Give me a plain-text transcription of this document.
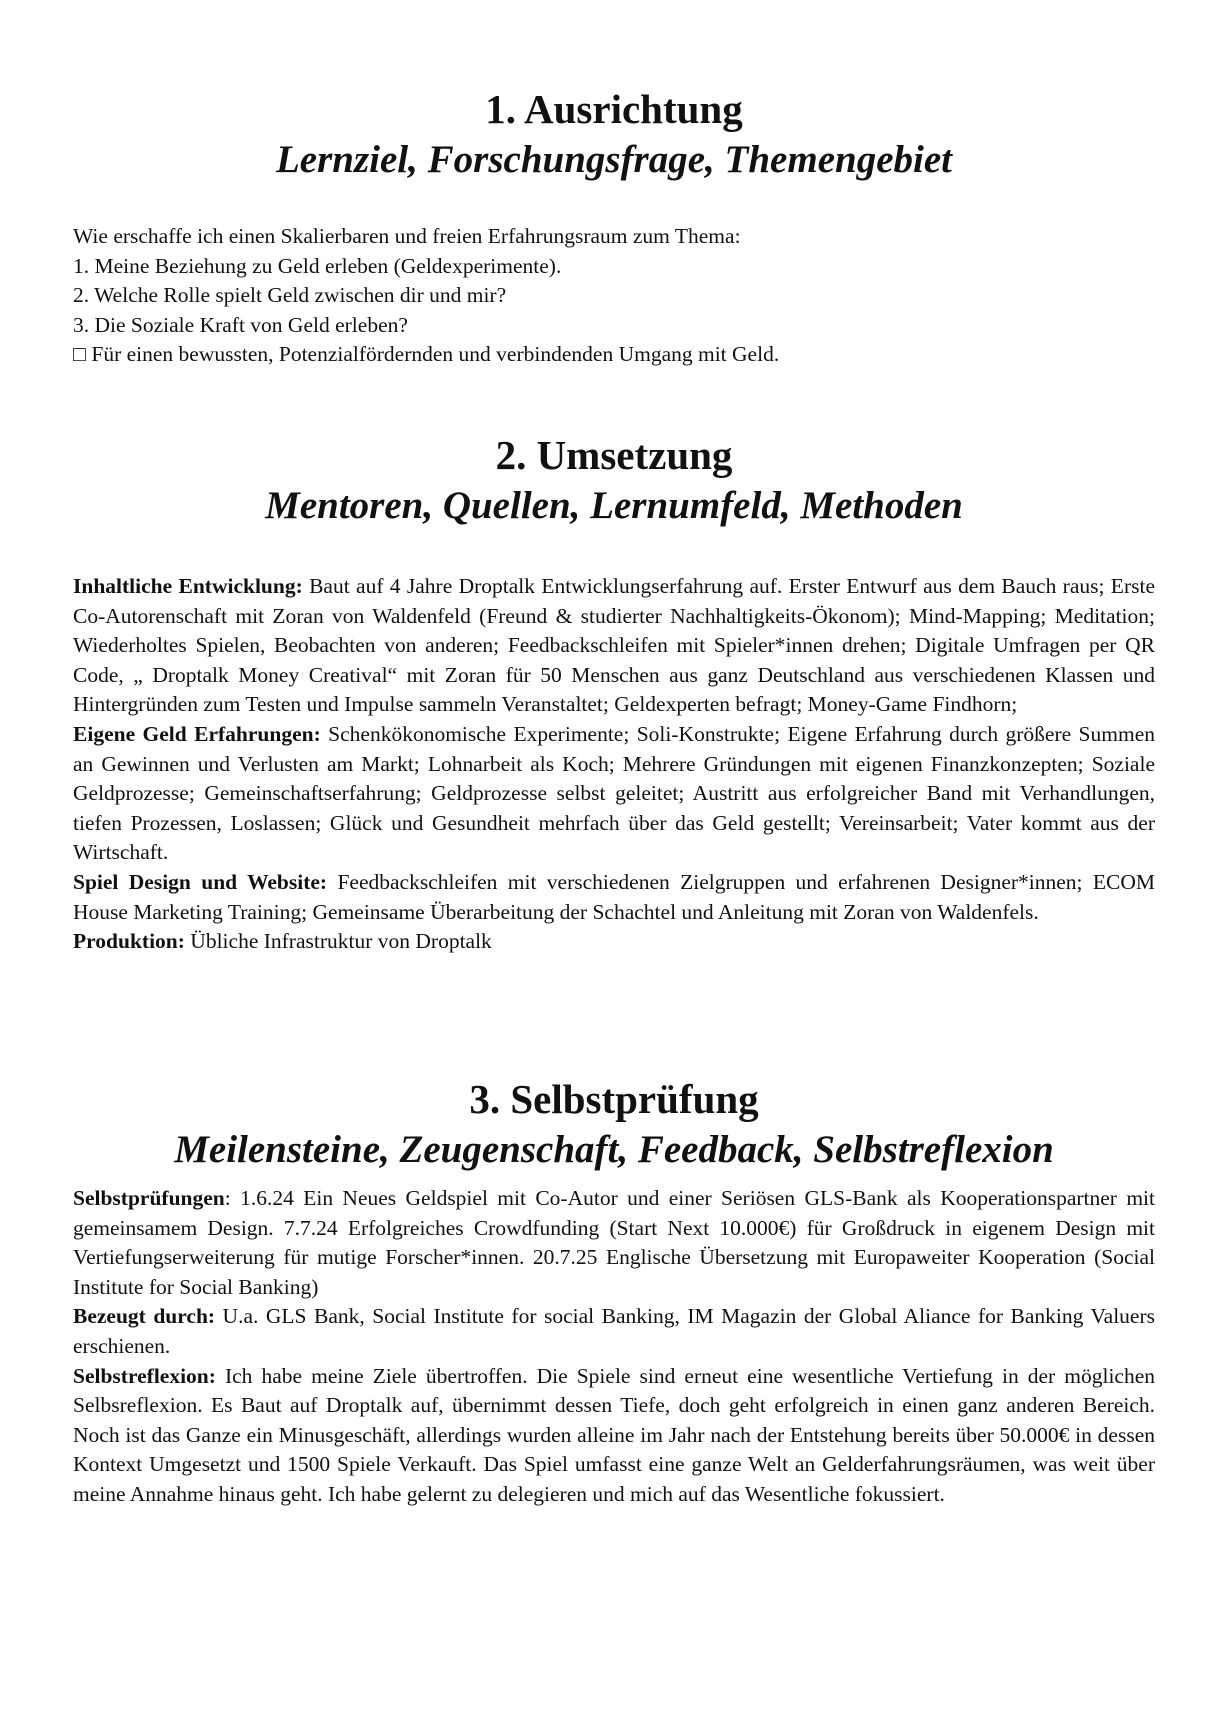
1. Ausrichtung
Lernziel, Forschungsfrage, Themengebiet
Wie erschaffe ich einen Skalierbaren und freien Erfahrungsraum zum Thema:
1. Meine Beziehung zu Geld erleben (Geldexperimente).
2. Welche Rolle spielt Geld zwischen dir und mir?
3. Die Soziale Kraft von Geld erleben?
□ Für einen bewussten, Potenzialfördernden und verbindenden Umgang mit Geld.
2. Umsetzung
Mentoren, Quellen, Lernumfeld, Methoden

Inhaltliche Entwicklung: Baut auf 4 Jahre Droptalk Entwicklungserfahrung auf. Erster Entwurf aus dem Bauch raus; Erste Co-Autorenschaft mit Zoran von Waldenfeld (Freund & studierter Nachhaltigkeits-Ökonom); Mind-Mapping; Meditation; Wiederholtes Spielen, Beobachten von anderen; Feedbackschleifen mit Spieler*innen drehen; Digitale Umfragen per QR Code, „ Droptalk Money Creatival“ mit Zoran für 50 Menschen aus ganz Deutschland aus verschiedenen Klassen und Hintergründen zum Testen und Impulse sammeln Veranstaltet; Geldexperten befragt; Money-Game Findhorn;

Eigene Geld Erfahrungen: Schenkökonomische Experimente; Soli-Konstrukte; Eigene Erfahrung durch größere Summen an Gewinnen und Verlusten am Markt; Lohnarbeit als Koch; Mehrere Gründungen mit eigenen Finanzkonzepten; Soziale Geldprozesse; Gemeinschaftserfahrung; Geldprozesse selbst geleitet; Austritt aus erfolgreicher Band mit Verhandlungen, tiefen Prozessen, Loslassen; Glück und Gesundheit mehrfach über das Geld gestellt; Vereinsarbeit; Vater kommt aus der Wirtschaft.

Spiel Design und Website: Feedbackschleifen mit verschiedenen Zielgruppen und erfahrenen Designer*innen; ECOM House Marketing Training; Gemeinsame Überarbeitung der Schachtel und Anleitung mit Zoran von Waldenfels.

Produktion: Übliche Infrastruktur von Droptalk

3. Selbstprüfung
Meilensteine, Zeugenschaft, Feedback, Selbstreflexion

Selbstprüfungen: 1.6.24 Ein Neues Geldspiel mit Co-Autor und einer Seriösen GLS-Bank als Kooperationspartner mit gemeinsamem Design. 7.7.24 Erfolgreiches Crowdfunding (Start Next 10.000€) für Großdruck in eigenem Design mit Vertiefungserweiterung für mutige Forscher*innen. 20.7.25 Englische Übersetzung mit Europaweiter Kooperation (Social Institute for Social Banking)

Bezeugt durch: U.a. GLS Bank, Social Institute for social Banking, IM Magazin der Global Aliance for Banking Valuers erschienen.

Selbstreflexion: Ich habe meine Ziele übertroffen. Die Spiele sind erneut eine wesentliche Vertiefung in der möglichen Selbsreflexion. Es Baut auf Droptalk auf, übernimmt dessen Tiefe, doch geht erfolgreich in einen ganz anderen Bereich. Noch ist das Ganze ein Minusgeschäft, allerdings wurden alleine im Jahr nach der Entstehung bereits über 50.000€ in dessen Kontext Umgesetzt und 1500 Spiele Verkauft. Das Spiel umfasst eine ganze Welt an Gelderfahrungsräumen, was weit über meine Annahme hinaus geht. Ich habe gelernt zu delegieren und mich auf das Wesentliche fokussiert.
